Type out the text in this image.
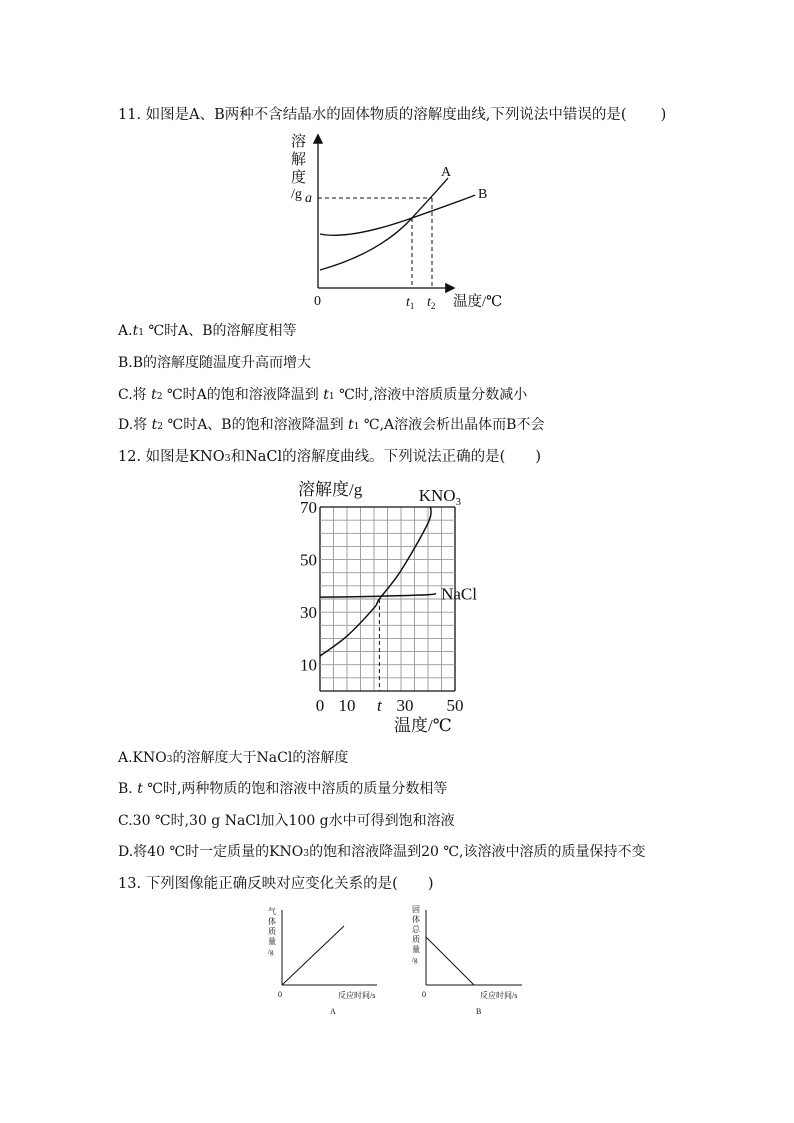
11. 如图是A、B两种不含结晶水的固体物质的溶解度曲线,下列说法中错误的是( )
溶
解
度
/g
A
B
a
0	$t_1$ $t_2$ 温度/℃
A.t1 ℃时A、B的溶解度相等
B.B的溶解度随温度升高而增大
C.将 t2 ℃时A的饱和溶液降温到 t1 ℃时,溶液中溶质质量分数减小
D.将 t2 ℃时A、B的饱和溶液降温到 t1 ℃,A溶液会析出晶体而B不会
12. 如图是KNO3和NaCl的溶解度曲线。下列说法正确的是( )
10
30
50
70
0 10 t 30 50
溶解度/g
温度/℃
$KNO_3$
NaCl
A.KNO3的溶解度大于NaCl的溶解度
B. t ℃时,两种物质的饱和溶液中溶质的质量分数相等
C.30 ℃时,30 g NaCl加入100 g水中可得到饱和溶液
D.将40 ℃时一定质量的KNO3的饱和溶液降温到20 ℃,该溶液中溶质的质量保持不变
13. 下列图像能正确反映对应变化关系的是( )
气
体
质
量
/g
0	反应时间/s
A
固
体
总
质
量
/g
0	反应时间/s
B
